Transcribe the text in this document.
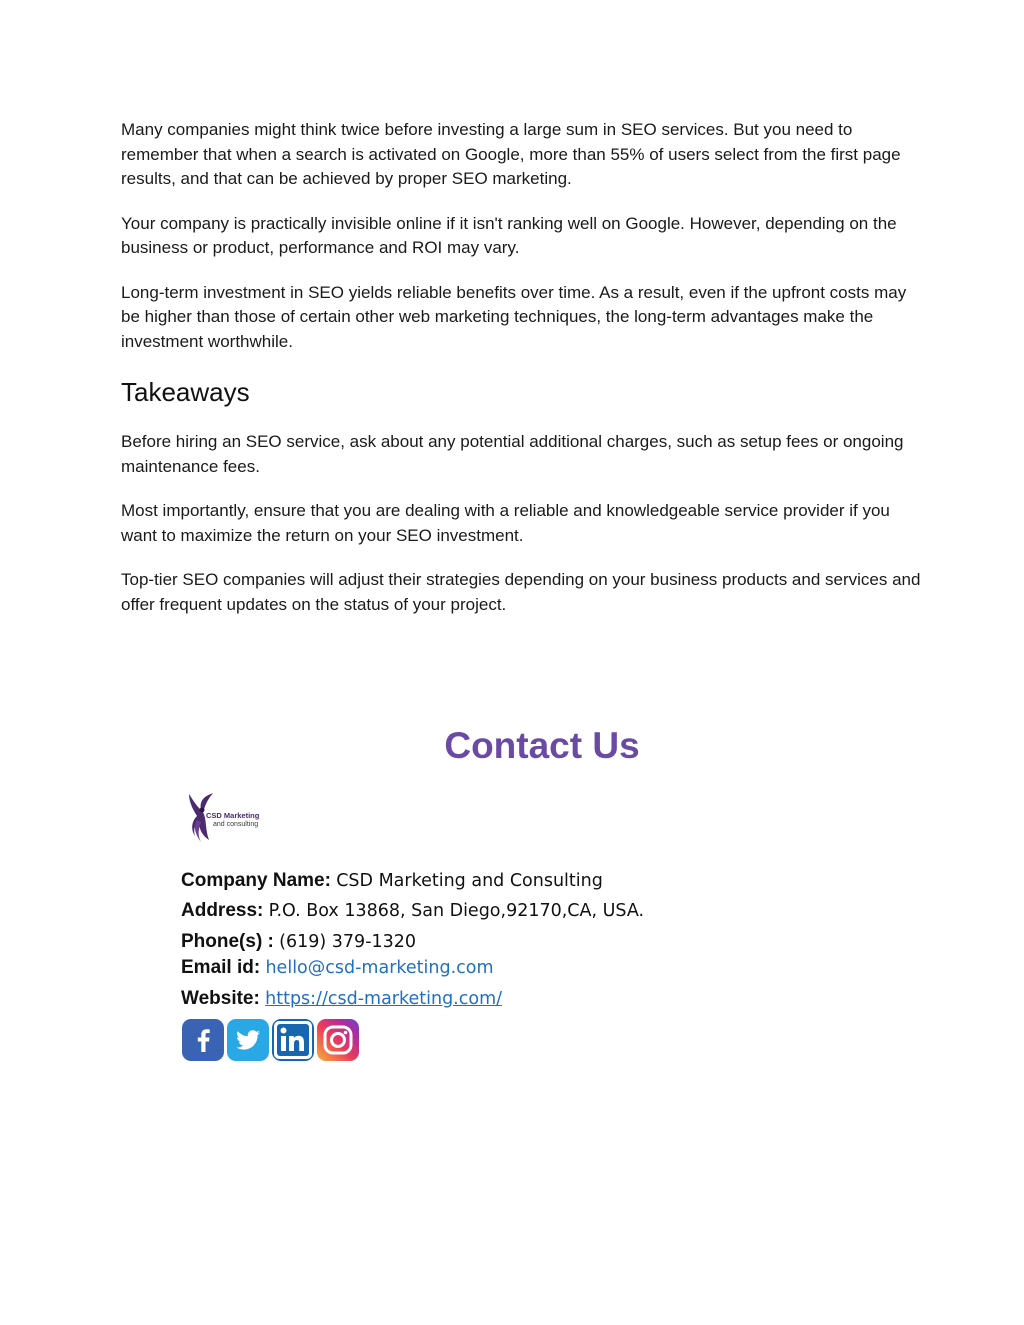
Many companies might think twice before investing a large sum in SEO services. But you need to remember that when a search is activated on Google, more than 55% of users select from the first page results, and that can be achieved by proper SEO marketing.

Your company is practically invisible online if it isn't ranking well on Google. However, depending on the business or product, performance and ROI may vary.

Long-term investment in SEO yields reliable benefits over time. As a result, even if the upfront costs may be higher than those of certain other web marketing techniques, the long-term advantages make the investment worthwhile.

Takeaways

Before hiring an SEO service, ask about any potential additional charges, such as setup fees or ongoing maintenance fees.

Most importantly, ensure that you are dealing with a reliable and knowledgeable service provider if you want to maximize the return on your SEO investment.

Top-tier SEO companies will adjust their strategies depending on your business products and services and offer frequent updates on the status of your project.

Contact Us
CSD Marketing
and consulting
Company Name: CSD Marketing and Consulting
Address: P.O. Box 13868, San Diego,92170,CA, USA.
Phone(s) : (619) 379-1320
Email id: hello@csd-marketing.com
Website: https://csd-marketing.com/
